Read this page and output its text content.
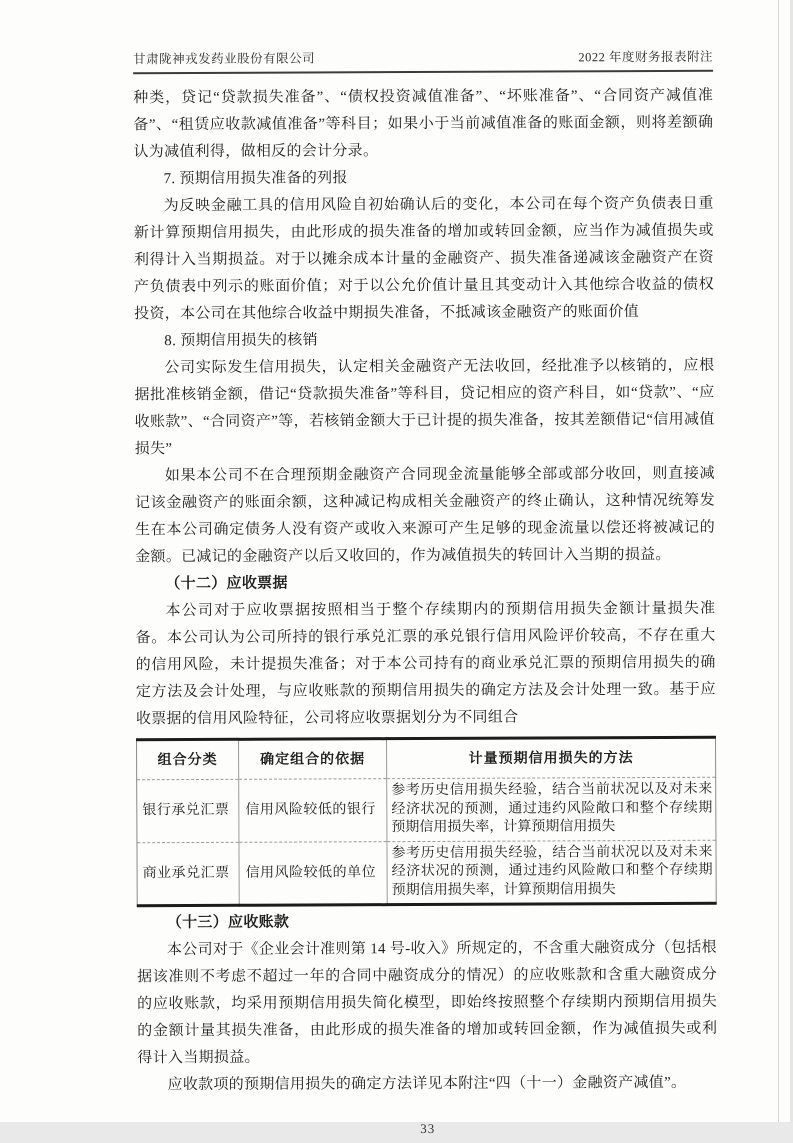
甘肃陇神戎发药业股份有限公司	2022 年度财务报表附注

种类，贷记“贷款损失准备”、“债权投资减值准备”、“坏账准备”、“合同资产减值准备”、“租赁应收款减值准备”等科目；如果小于当前减值准备的账面金额，则将差额确认为减值利得，做相反的会计分录。

7. 预期信用损失准备的列报

为反映金融工具的信用风险自初始确认后的变化，本公司在每个资产负债表日重新计算预期信用损失，由此形成的损失准备的增加或转回金额，应当作为减值损失或利得计入当期损益。对于以摊余成本计量的金融资产、损失准备递减该金融资产在资产负债表中列示的账面价值；对于以公允价值计量且其变动计入其他综合收益的债权投资，本公司在其他综合收益中期损失准备，不抵减该金融资产的账面价值

8. 预期信用损失的核销

公司实际发生信用损失，认定相关金融资产无法收回，经批准予以核销的，应根据批准核销金额，借记“贷款损失准备”等科目，贷记相应的资产科目，如“贷款”、“应收账款”、“合同资产”等，若核销金额大于已计提的损失准备，按其差额借记“信用减值损失”

如果本公司不在合理预期金融资产合同现金流量能够全部或部分收回，则直接减记该金融资产的账面余额，这种减记构成相关金融资产的终止确认，这种情况统筹发生在本公司确定债务人没有资产或收入来源可产生足够的现金流量以偿还将被减记的金额。已减记的金融资产以后又收回的，作为减值损失的转回计入当期的损益。

（十二）应收票据

本公司对于应收票据按照相当于整个存续期内的预期信用损失金额计量损失准备。本公司认为公司所持的银行承兑汇票的承兑银行信用风险评价较高，不存在重大的信用风险，未计提损失准备；对于本公司持有的商业承兑汇票的预期信用损失的确定方法及会计处理，与应收账款的预期信用损失的确定方法及会计处理一致。基于应收票据的信用风险特征，公司将应收票据划分为不同组合

组合分类	确定组合的依据	计量预期信用损失的方法
银行承兑汇票	信用风险较低的银行	参考历史信用损失经验，结合当前状况以及对未来经济状况的预测，通过违约风险敞口和整个存续期预期信用损失率，计算预期信用损失
商业承兑汇票	信用风险较低的单位	参考历史信用损失经验，结合当前状况以及对未来经济状况的预测，通过违约风险敞口和整个存续期预期信用损失率，计算预期信用损失

（十三）应收账款

本公司对于《企业会计准则第 14 号-收入》所规定的，不含重大融资成分（包括根据该准则不考虑不超过一年的合同中融资成分的情况）的应收账款和含重大融资成分的应收账款，均采用预期信用损失简化模型，即始终按照整个存续期内预期信用损失的金额计量其损失准备，由此形成的损失准备的增加或转回金额，作为减值损失或利得计入当期损益。

应收款项的预期信用损失的确定方法详见本附注“四（十一）金融资产减值”。

33
